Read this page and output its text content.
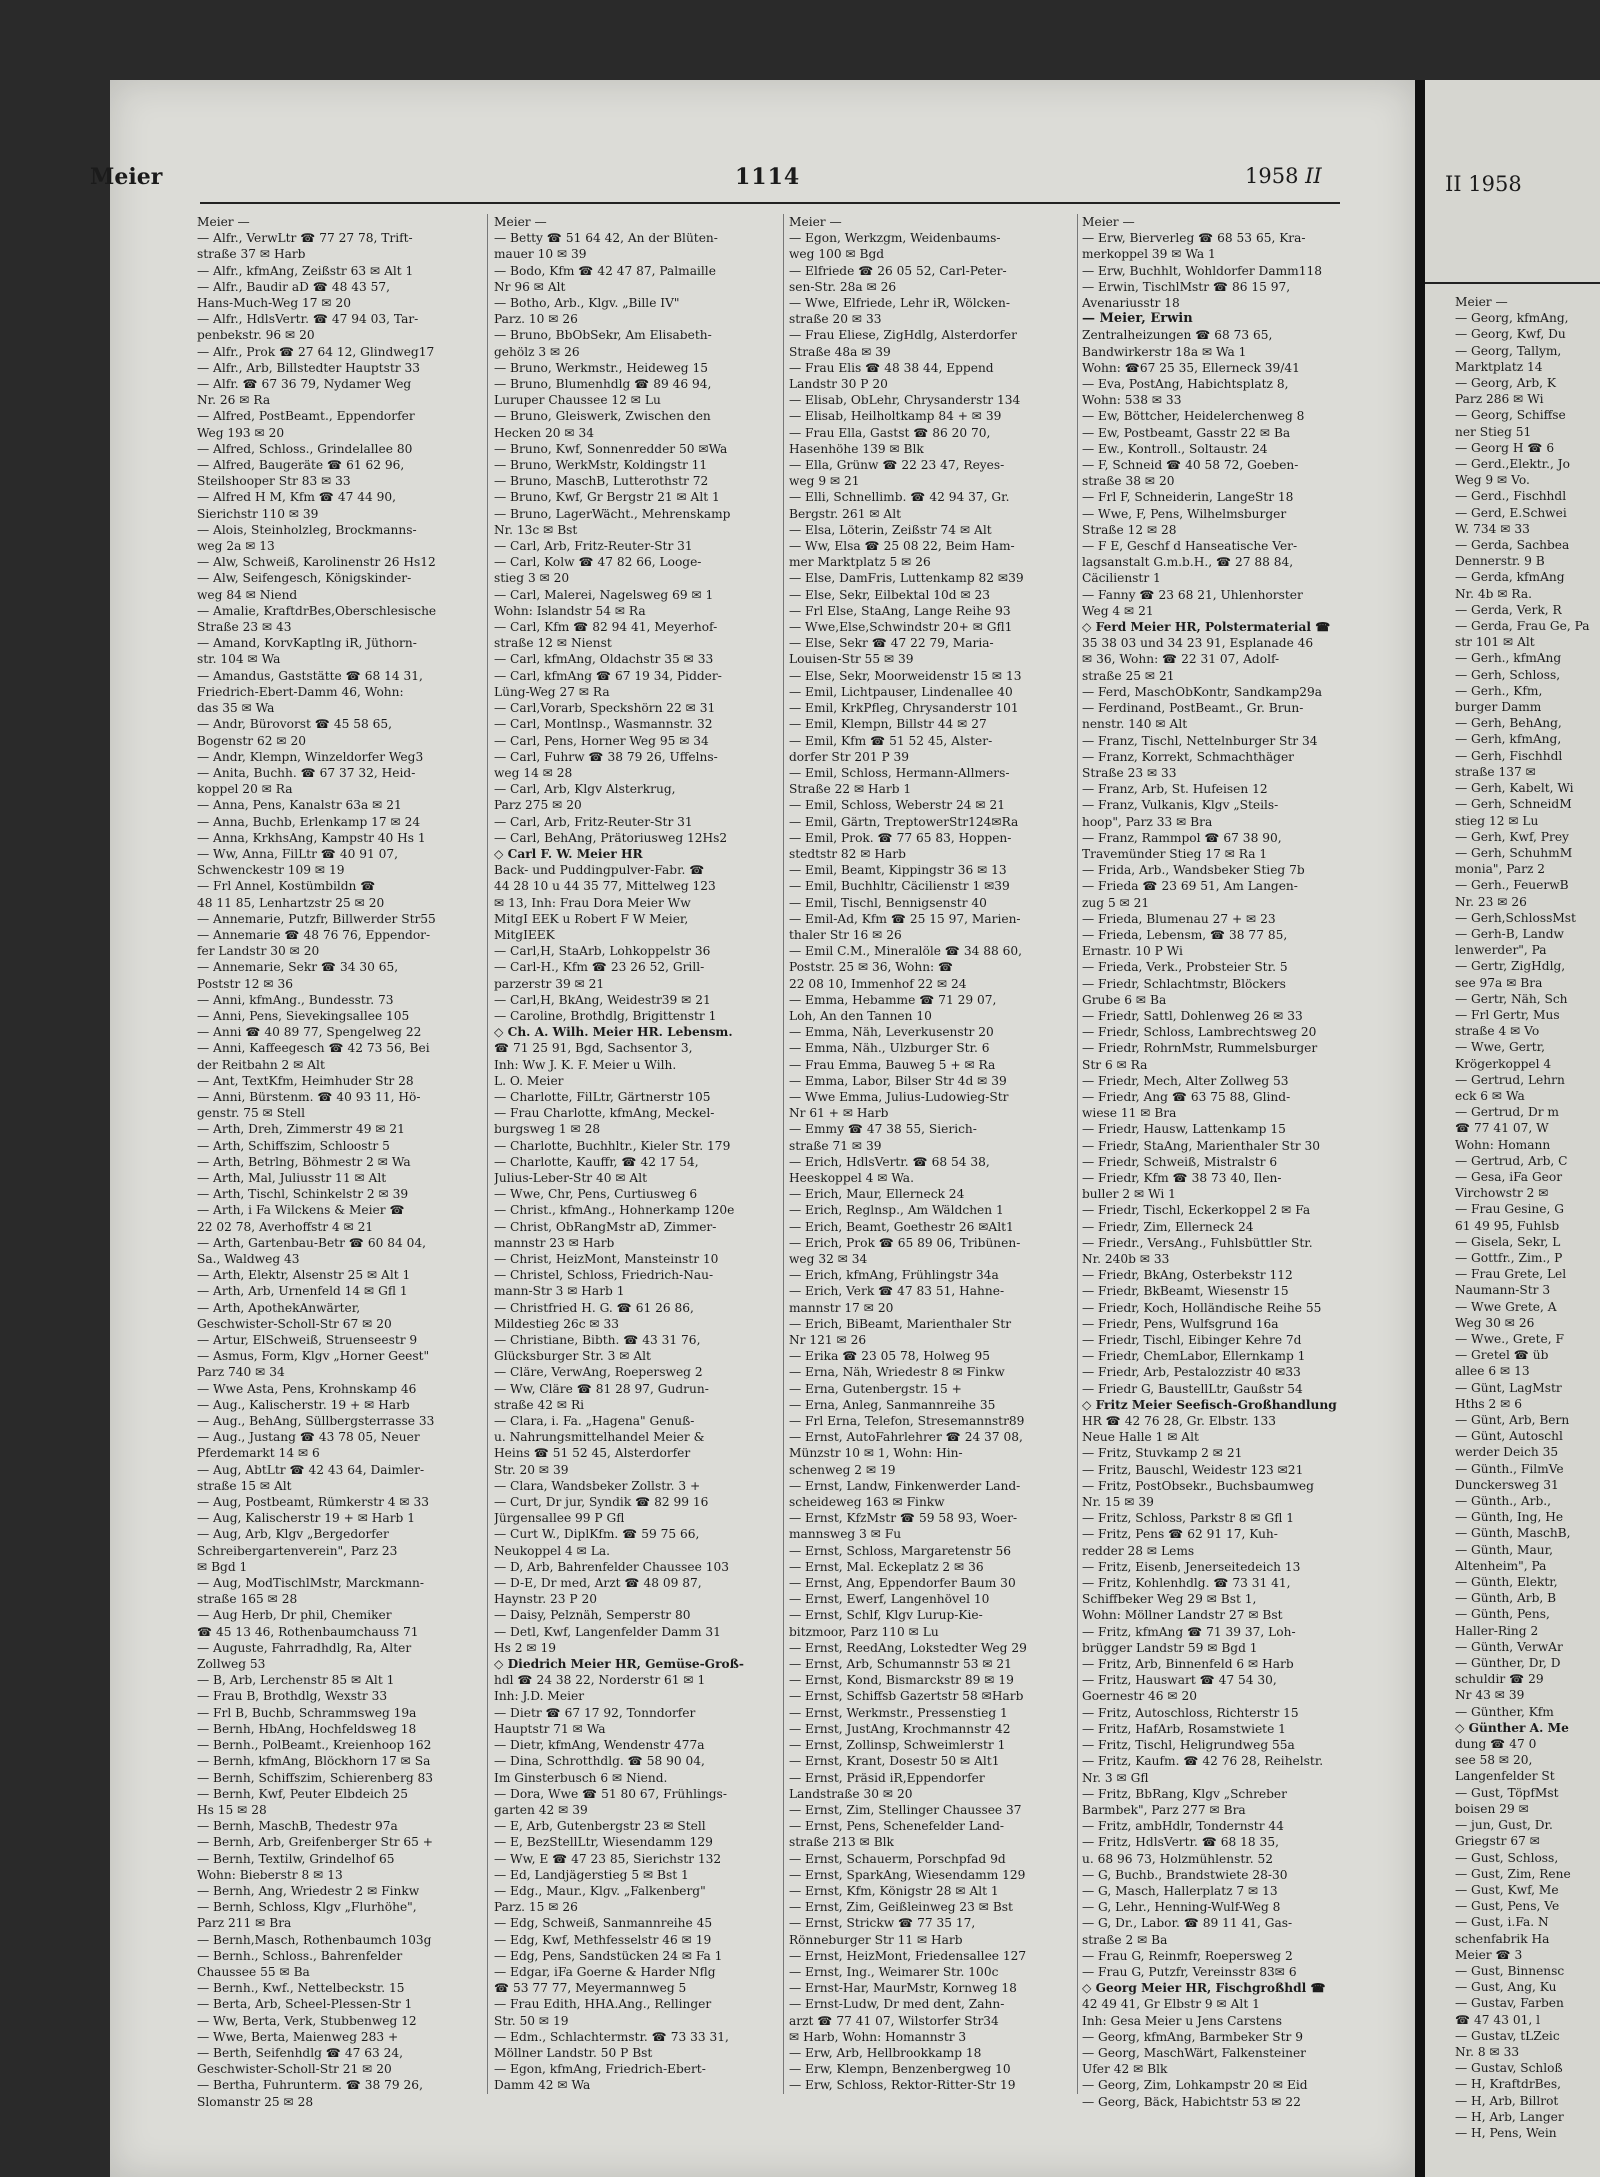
II 1958
Meier —
— Georg, kfmAng,
— Georg, Kwf, Du
— Georg, Tallym,
Marktplatz 14
— Georg, Arb, K
Parz 286 ✉ Wi
— Georg, Schiffse
ner Stieg 51
— Georg H ☎ 6
— Gerd.,Elektr., Jo
Weg 9 ✉ Vo.
— Gerd., Fischhdl
— Gerd, E.Schwei
W. 734 ✉ 33
— Gerda, Sachbea
Dennerstr. 9 B
— Gerda, kfmAng
Nr. 4b ✉ Ra.
— Gerda, Verk, R
— Gerda, Frau Ge, Pa
str 101 ✉ Alt
— Gerh., kfmAng
— Gerh, Schloss,
— Gerh., Kfm,
burger Damm
— Gerh, BehAng,
— Gerh, kfmAng,
— Gerh, Fischhdl
straße 137 ✉
— Gerh, Kabelt, Wi
— Gerh, SchneidM
stieg 12 ✉ Lu
— Gerh, Kwf, Prey
— Gerh, SchuhmM
monia", Parz 2
— Gerh., FeuerwB
Nr. 23 ✉ 26
— Gerh,SchlossMst
— Gerh-B, Landw
lenwerder", Pa
— Gertr, ZigHdlg,
see 97a ✉ Bra
— Gertr, Näh, Sch
— Frl Gertr, Mus
straße 4 ✉ Vo
— Wwe, Gertr,
Krögerkoppel 4
— Gertrud, Lehrn
eck 6 ✉ Wa
— Gertrud, Dr m
☎ 77 41 07, W
Wohn: Homann
— Gertrud, Arb, C
— Gesa, iFa Geor
Virchowstr 2 ✉
— Frau Gesine, G
61 49 95, Fuhlsb
— Gisela, Sekr, L
— Gottfr., Zim., P
— Frau Grete, Lel
Naumann-Str 3
— Wwe Grete, A
Weg 30 ✉ 26
— Wwe., Grete, F
— Gretel ☎ üb
allee 6 ✉ 13
— Günt, LagMstr
Hths 2 ✉ 6
— Günt, Arb, Bern
— Günt, Autoschl
werder Deich 35
— Günth., FilmVe
Dunckersweg 31
— Günth., Arb.,
— Günth, Ing, He
— Günth, MaschB,
— Günth, Maur,
Altenheim", Pa
— Günth, Elektr,
— Günth, Arb, B
— Günth, Pens,
Haller-Ring 2
— Günth, VerwAr
— Günther, Dr, D
schuldir ☎ 29
Nr 43 ✉ 39
— Günther, Kfm
◇ Günther A. Me
dung ☎ 47 0
see 58 ✉ 20,
Langenfelder St
— Gust, TöpfMst
boisen 29 ✉
— jun, Gust, Dr.
Griegstr 67 ✉
— Gust, Schloss,
— Gust, Zim, Rene
— Gust, Kwf, Me
— Gust, Pens, Ve
— Gust, i.Fa. N
schenfabrik Ha
Meier ☎ 3
— Gust, Binnensc
— Gust, Ang, Ku
— Gustav, Farben
☎ 47 43 01, l
— Gustav, tLZeic
Nr. 8 ✉ 33
— Gustav, Schloß
— H, KraftdrBes,
— H, Arb, Billrot
— H, Arb, Langer
— H, Pens, Wein
Meier	1114	1958 II
Meier —
— Alfr., VerwLtr ☎ 77 27 78, Trift-
straße 37 ✉ Harb
— Alfr., kfmAng, Zeißstr 63 ✉ Alt 1
— Alfr., Baudir aD ☎ 48 43 57,
Hans-Much-Weg 17 ✉ 20
— Alfr., HdlsVertr. ☎ 47 94 03, Tar-
penbekstr. 96 ✉ 20
— Alfr., Prok ☎ 27 64 12, Glindweg17
— Alfr., Arb, Billstedter Hauptstr 33
— Alfr. ☎ 67 36 79, Nydamer Weg
Nr. 26 ✉ Ra
— Alfred, PostBeamt., Eppendorfer
Weg 193 ✉ 20
— Alfred, Schloss., Grindelallee 80
— Alfred, Baugeräte ☎ 61 62 96,
Steilshooper Str 83 ✉ 33
— Alfred H M, Kfm ☎ 47 44 90,
Sierichstr 110 ✉ 39
— Alois, Steinholzleg, Brockmanns-
weg 2a ✉ 13
— Alw, Schweiß, Karolinenstr 26 Hs12
— Alw, Seifengesch, Königskinder-
weg 84 ✉ Niend
— Amalie, KraftdrBes,Oberschlesische
Straße 23 ✉ 43
— Amand, KorvKaptlng iR, Jüthorn-
str. 104 ✉ Wa
— Amandus, Gaststätte ☎ 68 14 31,
Friedrich-Ebert-Damm 46, Wohn:
das 35 ✉ Wa
— Andr, Bürovorst ☎ 45 58 65,
Bogenstr 62 ✉ 20
— Andr, Klempn, Winzeldorfer Weg3
— Anita, Buchh. ☎ 67 37 32, Heid-
koppel 20 ✉ Ra
— Anna, Pens, Kanalstr 63a ✉ 21
— Anna, Buchb, Erlenkamp 17 ✉ 24
— Anna, KrkhsAng, Kampstr 40 Hs 1
— Ww, Anna, FilLtr ☎ 40 91 07,
Schwenckestr 109 ✉ 19
— Frl Annel, Kostümbildn ☎
48 11 85, Lenhartzstr 25 ✉ 20
— Annemarie, Putzfr, Billwerder Str55
— Annemarie ☎ 48 76 76, Eppendor-
fer Landstr 30 ✉ 20
— Annemarie, Sekr ☎ 34 30 65,
Poststr 12 ✉ 36
— Anni, kfmAng., Bundesstr. 73
— Anni, Pens, Sievekingsallee 105
— Anni ☎ 40 89 77, Spengelweg 22
— Anni, Kaffeegesch ☎ 42 73 56, Bei
der Reitbahn 2 ✉ Alt
— Ant, TextKfm, Heimhuder Str 28
— Anni, Bürstenm. ☎ 40 93 11, Hö-
genstr. 75 ✉ Stell
— Arth, Dreh, Zimmerstr 49 ✉ 21
— Arth, Schiffszim, Schloostr 5
— Arth, Betrlng, Böhmestr 2 ✉ Wa
— Arth, Mal, Juliusstr 11 ✉ Alt
— Arth, Tischl, Schinkelstr 2 ✉ 39
— Arth, i Fa Wilckens & Meier ☎
22 02 78, Averhoffstr 4 ✉ 21
— Arth, Gartenbau-Betr ☎ 60 84 04,
Sa., Waldweg 43
— Arth, Elektr, Alsenstr 25 ✉ Alt 1
— Arth, Arb, Urnenfeld 14 ✉ Gfl 1
— Arth, ApothekAnwärter,
Geschwister-Scholl-Str 67 ✉ 20
— Artur, ElSchweiß, Struenseestr 9
— Asmus, Form, Klgv „Horner Geest"
Parz 740 ✉ 34
— Wwe Asta, Pens, Krohnskamp 46
— Aug., Kalischerstr. 19 + ✉ Harb
— Aug., BehAng, Süllbergsterrasse 33
— Aug., Justang ☎ 43 78 05, Neuer
Pferdemarkt 14 ✉ 6
— Aug, AbtLtr ☎ 42 43 64, Daimler-
straße 15 ✉ Alt
— Aug, Postbeamt, Rümkerstr 4 ✉ 33
— Aug, Kalischerstr 19 + ✉ Harb 1
— Aug, Arb, Klgv „Bergedorfer
Schreibergartenverein", Parz 23
✉ Bgd 1
— Aug, ModTischlMstr, Marckmann-
straße 165 ✉ 28
— Aug Herb, Dr phil, Chemiker
☎ 45 13 46, Rothenbaumchauss 71
— Auguste, Fahrradhdlg, Ra, Alter
Zollweg 53
— B, Arb, Lerchenstr 85 ✉ Alt 1
— Frau B, Brothdlg, Wexstr 33
— Frl B, Buchb, Schrammsweg 19a
— Bernh, HbAng, Hochfeldsweg 18
— Bernh., PolBeamt., Kreienhoop 162
— Bernh, kfmAng, Blöckhorn 17 ✉ Sa
— Bernh, Schiffszim, Schierenberg 83
— Bernh, Kwf, Peuter Elbdeich 25
Hs 15 ✉ 28
— Bernh, MaschB, Thedestr 97a
— Bernh, Arb, Greifenberger Str 65 +
— Bernh, Textilw, Grindelhof 65
Wohn: Bieberstr 8 ✉ 13
— Bernh, Ang, Wriedestr 2 ✉ Finkw
— Bernh, Schloss, Klgv „Flurhöhe",
Parz 211 ✉ Bra
— Bernh,Masch, Rothenbaumch 103g
— Bernh., Schloss., Bahrenfelder
Chaussee 55 ✉ Ba
— Bernh., Kwf., Nettelbeckstr. 15
— Berta, Arb, Scheel-Plessen-Str 1
— Ww, Berta, Verk, Stubbenweg 12
— Wwe, Berta, Maienweg 283 +
— Berth, Seifenhdlg ☎ 47 63 24,
Geschwister-Scholl-Str 21 ✉ 20
— Bertha, Fuhrunterm. ☎ 38 79 26,
Slomanstr 25 ✉ 28
Meier —
— Betty ☎ 51 64 42, An der Blüten-
mauer 10 ✉ 39
— Bodo, Kfm ☎ 42 47 87, Palmaille
Nr 96 ✉ Alt
— Botho, Arb., Klgv. „Bille IV"
Parz. 10 ✉ 26
— Bruno, BbObSekr, Am Elisabeth-
gehölz 3 ✉ 26
— Bruno, Werkmstr., Heideweg 15
— Bruno, Blumenhdlg ☎ 89 46 94,
Luruper Chaussee 12 ✉ Lu
— Bruno, Gleiswerk, Zwischen den
Hecken 20 ✉ 34
— Bruno, Kwf, Sonnenredder 50 ✉Wa
— Bruno, WerkMstr, Koldingstr 11
— Bruno, MaschB, Lutterothstr 72
— Bruno, Kwf, Gr Bergstr 21 ✉ Alt 1
— Bruno, LagerWächt., Mehrenskamp
Nr. 13c ✉ Bst
— Carl, Arb, Fritz-Reuter-Str 31
— Carl, Kolw ☎ 47 82 66, Looge-
stieg 3 ✉ 20
— Carl, Malerei, Nagelsweg 69 ✉ 1
Wohn: Islandstr 54 ✉ Ra
— Carl, Kfm ☎ 82 94 41, Meyerhof-
straße 12 ✉ Nienst
— Carl, kfmAng, Oldachstr 35 ✉ 33
— Carl, kfmAng ☎ 67 19 34, Pidder-
Lüng-Weg 27 ✉ Ra
— Carl,Vorarb, Speckshörn 22 ✉ 31
— Carl, Montlnsp., Wasmannstr. 32
— Carl, Pens, Horner Weg 95 ✉ 34
— Carl, Fuhrw ☎ 38 79 26, Uffelns-
weg 14 ✉ 28
— Carl, Arb, Klgv Alsterkrug,
Parz 275 ✉ 20
— Carl, Arb, Fritz-Reuter-Str 31
— Carl, BehAng, Prätoriusweg 12Hs2
◇ Carl F. W. Meier HR
Back- und Puddingpulver-Fabr. ☎
44 28 10 u 44 35 77, Mittelweg 123
✉ 13, Inh: Frau Dora Meier Ww
MitgI EEK u Robert F W Meier,
MitgIEEK
— Carl,H, StaArb, Lohkoppelstr 36
— Carl-H., Kfm ☎ 23 26 52, Grill-
parzerstr 39 ✉ 21
— Carl,H, BkAng, Weidestr39 ✉ 21
— Caroline, Brothdlg, Brigittenstr 1
◇ Ch. A. Wilh. Meier HR. Lebensm.
☎ 71 25 91, Bgd, Sachsentor 3,
Inh: Ww J. K. F. Meier u Wilh.
L. O. Meier
— Charlotte, FilLtr, Gärtnerstr 105
— Frau Charlotte, kfmAng, Meckel-
burgsweg 1 ✉ 28
— Charlotte, Buchhltr., Kieler Str. 179
— Charlotte, Kauffr, ☎ 42 17 54,
Julius-Leber-Str 40 ✉ Alt
— Wwe, Chr, Pens, Curtiusweg 6
— Christ., kfmAng., Hohnerkamp 120e
— Christ, ObRangMstr aD, Zimmer-
mannstr 23 ✉ Harb
— Christ, HeizMont, Mansteinstr 10
— Christel, Schloss, Friedrich-Nau-
mann-Str 3 ✉ Harb 1
— Christfried H. G. ☎ 61 26 86,
Mildestieg 26c ✉ 33
— Christiane, Bibth. ☎ 43 31 76,
Glücksburger Str. 3 ✉ Alt
— Cläre, VerwAng, Roepersweg 2
— Ww, Cläre ☎ 81 28 97, Gudrun-
straße 42 ✉ Ri
— Clara, i. Fa. „Hagena" Genuß-
u. Nahrungsmittelhandel Meier &
Heins ☎ 51 52 45, Alsterdorfer
Str. 20 ✉ 39
— Clara, Wandsbeker Zollstr. 3 +
— Curt, Dr jur, Syndik ☎ 82 99 16
Jürgensallee 99 P Gfl
— Curt W., DiplKfm. ☎ 59 75 66,
Neukoppel 4 ✉ La.
— D, Arb, Bahrenfelder Chaussee 103
— D-E, Dr med, Arzt ☎ 48 09 87,
Haynstr. 23 P 20
— Daisy, Pelznäh, Semperstr 80
— Detl, Kwf, Langenfelder Damm 31
Hs 2 ✉ 19
◇ Diedrich Meier HR, Gemüse-Groß-
hdl ☎ 24 38 22, Norderstr 61 ✉ 1
Inh: J.D. Meier
— Dietr ☎ 67 17 92, Tonndorfer
Hauptstr 71 ✉ Wa
— Dietr, kfmAng, Wendenstr 477a
— Dina, Schrotthdlg. ☎ 58 90 04,
Im Ginsterbusch 6 ✉ Niend.
— Dora, Wwe ☎ 51 80 67, Frühlings-
garten 42 ✉ 39
— E, Arb, Gutenbergstr 23 ✉ Stell
— E, BezStellLtr, Wiesendamm 129
— Ww, E ☎ 47 23 85, Sierichstr 132
— Ed, Landjägerstieg 5 ✉ Bst 1
— Edg., Maur., Klgv. „Falkenberg"
Parz. 15 ✉ 26
— Edg, Schweiß, Sanmannreihe 45
— Edg, Kwf, Methfesselstr 46 ✉ 19
— Edg, Pens, Sandstücken 24 ✉ Fa 1
— Edgar, iFa Goerne & Harder Nflg
☎ 53 77 77, Meyermannweg 5
— Frau Edith, HHA.Ang., Rellinger
Str. 50 ✉ 19
— Edm., Schlachtermstr. ☎ 73 33 31,
Möllner Landstr. 50 P Bst
— Egon, kfmAng, Friedrich-Ebert-
Damm 42 ✉ Wa
Meier —
— Egon, Werkzgm, Weidenbaums-
weg 100 ✉ Bgd
— Elfriede ☎ 26 05 52, Carl-Peter-
sen-Str. 28a ✉ 26
— Wwe, Elfriede, Lehr iR, Wölcken-
straße 20 ✉ 33
— Frau Eliese, ZigHdlg, Alsterdorfer
Straße 48a ✉ 39
— Frau Elis ☎ 48 38 44, Eppend
Landstr 30 P 20
— Elisab, ObLehr, Chrysanderstr 134
— Elisab, Heilholtkamp 84 + ✉ 39
— Frau Ella, Gastst ☎ 86 20 70,
Hasenhöhe 139 ✉ Blk
— Ella, Grünw ☎ 22 23 47, Reyes-
weg 9 ✉ 21
— Elli, Schnellimb. ☎ 42 94 37, Gr.
Bergstr. 261 ✉ Alt
— Elsa, Löterin, Zeißstr 74 ✉ Alt
— Ww, Elsa ☎ 25 08 22, Beim Ham-
mer Marktplatz 5 ✉ 26
— Else, DamFris, Luttenkamp 82 ✉39
— Else, Sekr, Eilbektal 10d ✉ 23
— Frl Else, StaAng, Lange Reihe 93
— Wwe,Else,Schwindstr 20+ ✉ Gfl1
— Else, Sekr ☎ 47 22 79, Maria-
Louisen-Str 55 ✉ 39
— Else, Sekr, Moorweidenstr 15 ✉ 13
— Emil, Lichtpauser, Lindenallee 40
— Emil, KrkPfleg, Chrysanderstr 101
— Emil, Klempn, Billstr 44 ✉ 27
— Emil, Kfm ☎ 51 52 45, Alster-
dorfer Str 201 P 39
— Emil, Schloss, Hermann-Allmers-
Straße 22 ✉ Harb 1
— Emil, Schloss, Weberstr 24 ✉ 21
— Emil, Gärtn, TreptowerStr124✉Ra
— Emil, Prok. ☎ 77 65 83, Hoppen-
stedtstr 82 ✉ Harb
— Emil, Beamt, Kippingstr 36 ✉ 13
— Emil, Buchhltr, Cäcilienstr 1 ✉39
— Emil, Tischl, Bennigsenstr 40
— Emil-Ad, Kfm ☎ 25 15 97, Marien-
thaler Str 16 ✉ 26
— Emil C.M., Mineralöle ☎ 34 88 60,
Poststr. 25 ✉ 36, Wohn: ☎
22 08 10, Immenhof 22 ✉ 24
— Emma, Hebamme ☎ 71 29 07,
Loh, An den Tannen 10
— Emma, Näh, Leverkusenstr 20
— Emma, Näh., Ulzburger Str. 6
— Frau Emma, Bauweg 5 + ✉ Ra
— Emma, Labor, Bilser Str 4d ✉ 39
— Wwe Emma, Julius-Ludowieg-Str
Nr 61 + ✉ Harb
— Emmy ☎ 47 38 55, Sierich-
straße 71 ✉ 39
— Erich, HdlsVertr. ☎ 68 54 38,
Heeskoppel 4 ✉ Wa.
— Erich, Maur, Ellerneck 24
— Erich, Reglnsp., Am Wäldchen 1
— Erich, Beamt, Goethestr 26 ✉Alt1
— Erich, Prok ☎ 65 89 06, Tribünen-
weg 32 ✉ 34
— Erich, kfmAng, Frühlingstr 34a
— Erich, Verk ☎ 47 83 51, Hahne-
mannstr 17 ✉ 20
— Erich, BiBeamt, Marienthaler Str
Nr 121 ✉ 26
— Erika ☎ 23 05 78, Holweg 95
— Erna, Näh, Wriedestr 8 ✉ Finkw
— Erna, Gutenbergstr. 15 +
— Erna, Anleg, Sanmannreihe 35
— Frl Erna, Telefon, Stresemannstr89
— Ernst, AutoFahrlehrer ☎ 24 37 08,
Münzstr 10 ✉ 1, Wohn: Hin-
schenweg 2 ✉ 19
— Ernst, Landw, Finkenwerder Land-
scheideweg 163 ✉ Finkw
— Ernst, KfzMstr ☎ 59 58 93, Woer-
mannsweg 3 ✉ Fu
— Ernst, Schloss, Margaretenstr 56
— Ernst, Mal. Eckeplatz 2 ✉ 36
— Ernst, Ang, Eppendorfer Baum 30
— Ernst, Ewerf, Langenhövel 10
— Ernst, Schlf, Klgv Lurup-Kie-
bitzmoor, Parz 110 ✉ Lu
— Ernst, ReedAng, Lokstedter Weg 29
— Ernst, Arb, Schumannstr 53 ✉ 21
— Ernst, Kond, Bismarckstr 89 ✉ 19
— Ernst, Schiffsb Gazertstr 58 ✉Harb
— Ernst, Werkmstr., Pressenstieg 1
— Ernst, JustAng, Krochmannstr 42
— Ernst, Zollinsp, Schweimlerstr 1
— Ernst, Krant, Dosestr 50 ✉ Alt1
— Ernst, Präsid iR,Eppendorfer
Landstraße 30 ✉ 20
— Ernst, Zim, Stellinger Chaussee 37
— Ernst, Pens, Schenefelder Land-
straße 213 ✉ Blk
— Ernst, Schauerm, Porschpfad 9d
— Ernst, SparkAng, Wiesendamm 129
— Ernst, Kfm, Königstr 28 ✉ Alt 1
— Ernst, Zim, Geißleinweg 23 ✉ Bst
— Ernst, Strickw ☎ 77 35 17,
Rönneburger Str 11 ✉ Harb
— Ernst, HeizMont, Friedensallee 127
— Ernst, Ing., Weimarer Str. 100c
— Ernst-Har, MaurMstr, Kornweg 18
— Ernst-Ludw, Dr med dent, Zahn-
arzt ☎ 77 41 07, Wilstorfer Str34
✉ Harb, Wohn: Homannstr 3
— Erw, Arb, Hellbrookkamp 18
— Erw, Klempn, Benzenbergweg 10
— Erw, Schloss, Rektor-Ritter-Str 19
Meier —
— Erw, Bierverleg ☎ 68 53 65, Kra-
merkoppel 39 ✉ Wa 1
— Erw, Buchhlt, Wohldorfer Damm118
— Erwin, TischlMstr ☎ 86 15 97,
Avenariusstr 18
— Meier, Erwin
Zentralheizungen ☎ 68 73 65,
Bandwirkerstr 18a ✉ Wa 1
Wohn: ☎67 25 35, Ellerneck 39/41
— Eva, PostAng, Habichtsplatz 8,
Wohn: 538 ✉ 33
— Ew, Böttcher, Heidelerchenweg 8
— Ew, Postbeamt, Gasstr 22 ✉ Ba
— Ew., Kontroll., Soltaustr. 24
— F, Schneid ☎ 40 58 72, Goeben-
straße 38 ✉ 20
— Frl F, Schneiderin, LangeStr 18
— Wwe, F, Pens, Wilhelmsburger
Straße 12 ✉ 28
— F E, Geschf d Hanseatische Ver-
lagsanstalt G.m.b.H., ☎ 27 88 84,
Cäcilienstr 1
— Fanny ☎ 23 68 21, Uhlenhorster
Weg 4 ✉ 21
◇ Ferd Meier HR, Polstermaterial ☎
35 38 03 und 34 23 91, Esplanade 46
✉ 36, Wohn: ☎ 22 31 07, Adolf-
straße 25 ✉ 21
— Ferd, MaschObKontr, Sandkamp29a
— Ferdinand, PostBeamt., Gr. Brun-
nenstr. 140 ✉ Alt
— Franz, Tischl, Nettelnburger Str 34
— Franz, Korrekt, Schmachthäger
Straße 23 ✉ 33
— Franz, Arb, St. Hufeisen 12
— Franz, Vulkanis, Klgv „Steils-
hoop", Parz 33 ✉ Bra
— Franz, Rammpol ☎ 67 38 90,
Travemünder Stieg 17 ✉ Ra 1
— Frida, Arb., Wandsbeker Stieg 7b
— Frieda ☎ 23 69 51, Am Langen-
zug 5 ✉ 21
— Frieda, Blumenau 27 + ✉ 23
— Frieda, Lebensm, ☎ 38 77 85,
Ernastr. 10 P Wi
— Frieda, Verk., Probsteier Str. 5
— Friedr, Schlachtmstr, Blöckers
Grube 6 ✉ Ba
— Friedr, Sattl, Dohlenweg 26 ✉ 33
— Friedr, Schloss, Lambrechtsweg 20
— Friedr, RohrnMstr, Rummelsburger
Str 6 ✉ Ra
— Friedr, Mech, Alter Zollweg 53
— Friedr, Ang ☎ 63 75 88, Glind-
wiese 11 ✉ Bra
— Friedr, Hausw, Lattenkamp 15
— Friedr, StaAng, Marienthaler Str 30
— Friedr, Schweiß, Mistralstr 6
— Friedr, Kfm ☎ 38 73 40, Ilen-
buller 2 ✉ Wi 1
— Friedr, Tischl, Eckerkoppel 2 ✉ Fa
— Friedr, Zim, Ellerneck 24
— Friedr., VersAng., Fuhlsbüttler Str.
Nr. 240b ✉ 33
— Friedr, BkAng, Osterbekstr 112
— Friedr, BkBeamt, Wiesenstr 15
— Friedr, Koch, Holländische Reihe 55
— Friedr, Pens, Wulfsgrund 16a
— Friedr, Tischl, Eibinger Kehre 7d
— Friedr, ChemLabor, Ellernkamp 1
— Friedr, Arb, Pestalozzistr 40 ✉33
— Friedr G, BaustellLtr, Gaußstr 54
◇ Fritz Meier Seefisch-Großhandlung
HR ☎ 42 76 28, Gr. Elbstr. 133
Neue Halle 1 ✉ Alt
— Fritz, Stuvkamp 2 ✉ 21
— Fritz, Bauschl, Weidestr 123 ✉21
— Fritz, PostObsekr., Buchsbaumweg
Nr. 15 ✉ 39
— Fritz, Schloss, Parkstr 8 ✉ Gfl 1
— Fritz, Pens ☎ 62 91 17, Kuh-
redder 28 ✉ Lems
— Fritz, Eisenb, Jenerseitedeich 13
— Fritz, Kohlenhdlg. ☎ 73 31 41,
Schiffbeker Weg 29 ✉ Bst 1,
Wohn: Möllner Landstr 27 ✉ Bst
— Fritz, kfmAng ☎ 71 39 37, Loh-
brügger Landstr 59 ✉ Bgd 1
— Fritz, Arb, Binnenfeld 6 ✉ Harb
— Fritz, Hauswart ☎ 47 54 30,
Goernestr 46 ✉ 20
— Fritz, Autoschloss, Richterstr 15
— Fritz, HafArb, Rosamstwiete 1
— Fritz, Tischl, Heligrundweg 55a
— Fritz, Kaufm. ☎ 42 76 28, Reihelstr.
Nr. 3 ✉ Gfl
— Fritz, BbRang, Klgv „Schreber
Barmbek", Parz 277 ✉ Bra
— Fritz, ambHdlr, Tondernstr 44
— Fritz, HdlsVertr. ☎ 68 18 35,
u. 68 96 73, Holzmühlenstr. 52
— G, Buchb., Brandstwiete 28-30
— G, Masch, Hallerplatz 7 ✉ 13
— G, Lehr., Henning-Wulf-Weg 8
— G, Dr., Labor. ☎ 89 11 41, Gas-
straße 2 ✉ Ba
— Frau G, Reinmfr, Roepersweg 2
— Frau G, Putzfr, Vereinsstr 83✉ 6
◇ Georg Meier HR, Fischgroßhdl ☎
42 49 41, Gr Elbstr 9 ✉ Alt 1
Inh: Gesa Meier u Jens Carstens
— Georg, kfmAng, Barmbeker Str 9
— Georg, MaschWärt, Falkensteiner
Ufer 42 ✉ Blk
— Georg, Zim, Lohkampstr 20 ✉ Eid
— Georg, Bäck, Habichtstr 53 ✉ 22
